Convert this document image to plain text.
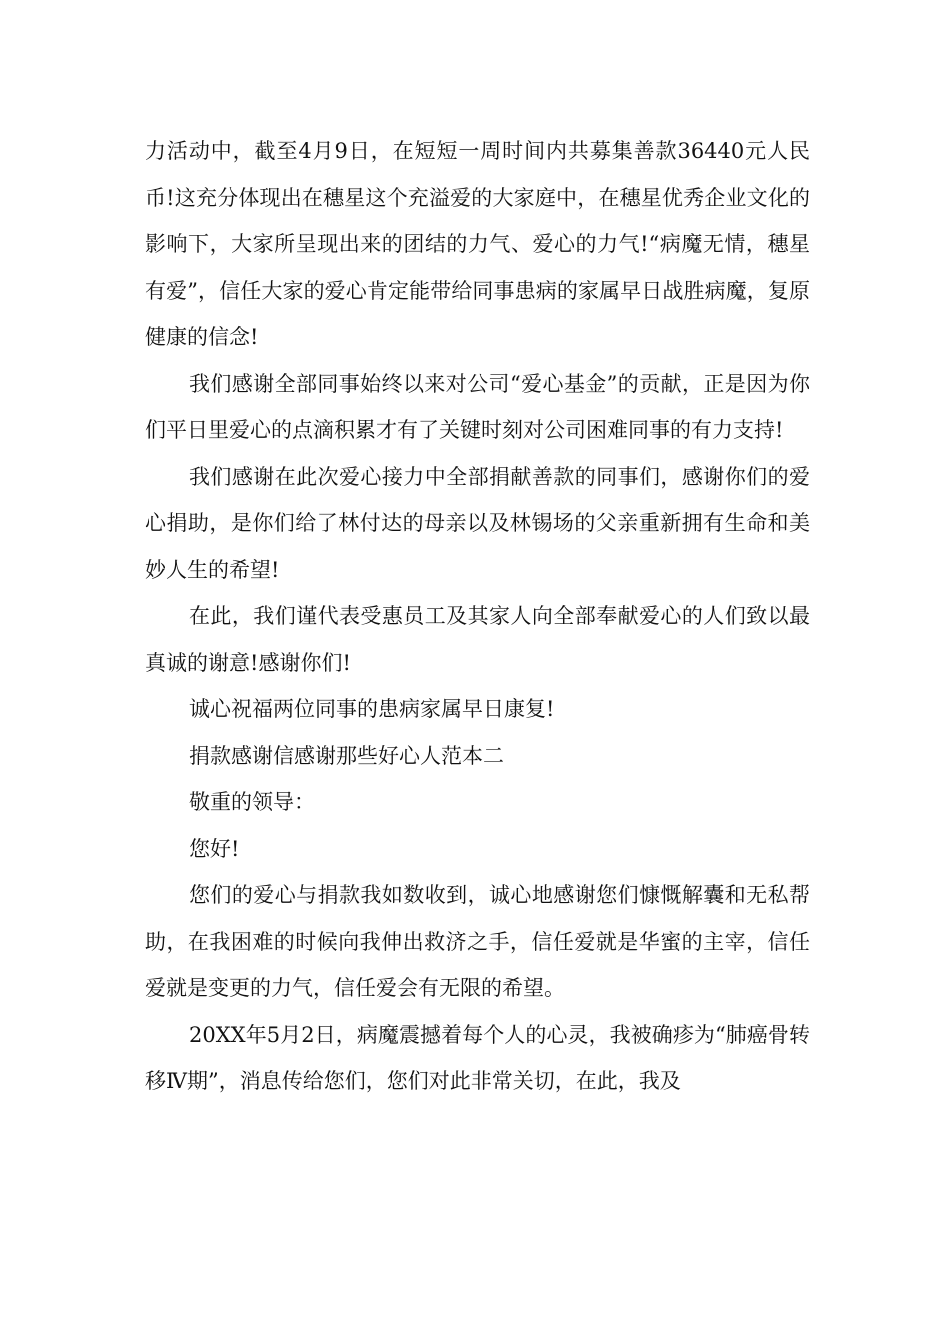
力活动中，截至4月9日，在短短一周时间内共募集善款36440元人民币!这充分体现出在穗星这个充溢爱的大家庭中，在穗星优秀企业文化的影响下，大家所呈现出来的团结的力气、爱心的力气!“病魔无情，穗星有爱”，信任大家的爱心肯定能带给同事患病的家属早日战胜病魔，复原健康的信念!

我们感谢全部同事始终以来对公司“爱心基金”的贡献，正是因为你们平日里爱心的点滴积累才有了关键时刻对公司困难同事的有力支持!

我们感谢在此次爱心接力中全部捐献善款的同事们，感谢你们的爱心捐助，是你们给了林付达的母亲以及林锡场的父亲重新拥有生命和美妙人生的希望!

在此，我们谨代表受惠员工及其家人向全部奉献爱心的人们致以最真诚的谢意!感谢你们!

诚心祝福两位同事的患病家属早日康复!

捐款感谢信感谢那些好心人范本二

敬重的领导：

您好!

您们的爱心与捐款我如数收到，诚心地感谢您们慷慨解囊和无私帮助，在我困难的时候向我伸出救济之手，信任爱就是华蜜的主宰，信任爱就是变更的力气，信任爱会有无限的希望。

20XX年5月2日，病魔震撼着每个人的心灵，我被确疹为“肺癌骨转移Ⅳ期”，消息传给您们，您们对此非常关切，在此，我及
